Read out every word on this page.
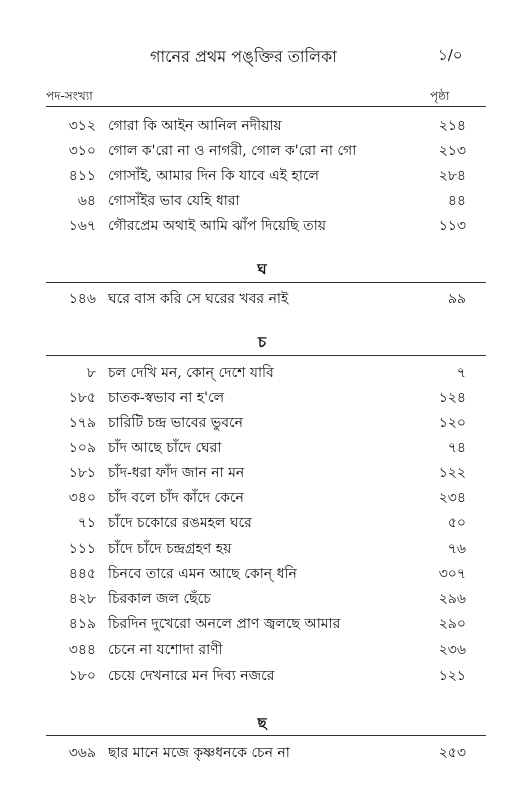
গানের প্রথম পঙ্‌ক্তির তালিকা	১/০
পদ-সংখ্যা	পৃষ্ঠা
৩১২ গোরা কি আইন আনিল নদীয়ায়	২১৪
৩১০ গোল ক'রো না ও নাগরী, গোল ক'রো না গো	২১৩
৪১১ গোসাঁই, আমার দিন কি যাবে এই হালে	২৮৪
৬৪ গোসাঁইর ভাব যেহি ধারা	৪৪
১৬৭ গৌরপ্রেম অথাই আমি ঝাঁপ দিয়েছি তায়	১১৩
ঘ
১৪৬ ঘরে বাস করি সে ঘরের খবর নাই	৯৯
চ
৮ চল দেখি মন, কোন্ দেশে যাবি	৭
১৮৫ চাতক-স্বভাব না হ'লে	১২৪
১৭৯ চারিটি চন্দ্র ভাবের ভুবনে	১২০
১০৯ চাঁদ আছে চাঁদে ঘেরা	৭৪
১৮১ চাঁদ-ধরা ফাঁদ জান না মন	১২২
৩৪০ চাঁদ বলে চাঁদ কাঁদে কেনে	২৩৪
৭১ চাঁদে চকোরে রঙমহল ঘরে	৫০
১১১ চাঁদে চাঁদে চন্দ্রগ্রহণ হয়	৭৬
৪৪৫ চিনবে তারে এমন আছে কোন্ ধনি	৩০৭
৪২৮ চিরকাল জল ছেঁচে	২৯৬
৪১৯ চিরদিন দুখেরো অনলে প্রাণ জ্বলছে আমার	২৯০
৩৪৪ চেনে না যশোদা রাণী	২৩৬
১৮০ চেয়ে দেখনারে মন দিব্য নজরে	১২১
ছ
৩৬৯ ছার মানে মজে কৃষ্ণধনকে চেন না	২৫৩
